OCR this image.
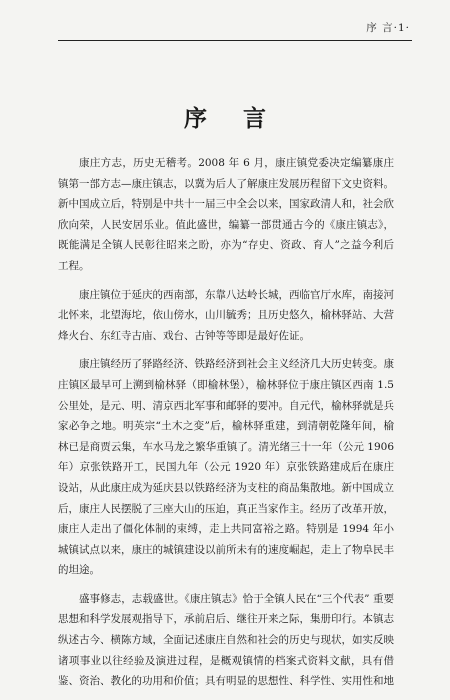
序 言·1·
序 言

康庄方志，历史无稽考。2008 年 6 月，康庄镇党委决定编纂康庄镇第一部方志—康庄镇志，以冀为后人了解康庄发展历程留下文史资料。新中国成立后，特别是中共十一届三中全会以来，国家政清人和，社会欣欣向荣，人民安居乐业。值此盛世，编纂一部贯通古今的《康庄镇志》，既能满足全镇人民彰往昭来之盼，亦为“存史、资政、育人”之益今利后工程。

康庄镇位于延庆的西南部，东靠八达岭长城，西临官厅水库，南接河北怀来，北望海坨，依山傍水，山川毓秀；且历史悠久，榆林驿站、大营烽火台、东红寺古庙、戏台、古钟等等即是最好佐证。

康庄镇经历了驿路经济、铁路经济到社会主义经济几大历史转变。康庄镇区最早可上溯到榆林驿（即榆林堡），榆林驿位于康庄镇区西南 1.5公里处，是元、明、清京西北军事和邮驿的要冲。自元代，榆林驿就是兵家必争之地。明英宗“土木之变”后，榆林驿重建，到清朝乾隆年间，榆林已是商贾云集，车水马龙之繁华重镇了。清光绪三十一年（公元 1906年）京张铁路开工，民国九年（公元 1920 年）京张铁路建成后在康庄设站，从此康庄成为延庆县以铁路经济为支柱的商品集散地。新中国成立后，康庄人民摆脱了三座大山的压迫，真正当家作主。经历了改革开放，康庄人走出了僵化体制的束缚，走上共同富裕之路。特别是 1994 年小城镇试点以来，康庄的城镇建设以前所未有的速度崛起，走上了物阜民丰的坦途。

盛事修志，志载盛世。《康庄镇志》恰于全镇人民在“三个代表” 重要思想和科学发展观指导下，承前启后、继往开来之际，集册印行。本镇志纵述古今、横陈方域，全面记述康庄自然和社会的历史与现状，如实反映诸项事业以往经验及演进过程，是概观镇情的档案式资料文献，具有借鉴、资治、教化的功用和价值；具有明显的思想性、科学性、实用性和地
